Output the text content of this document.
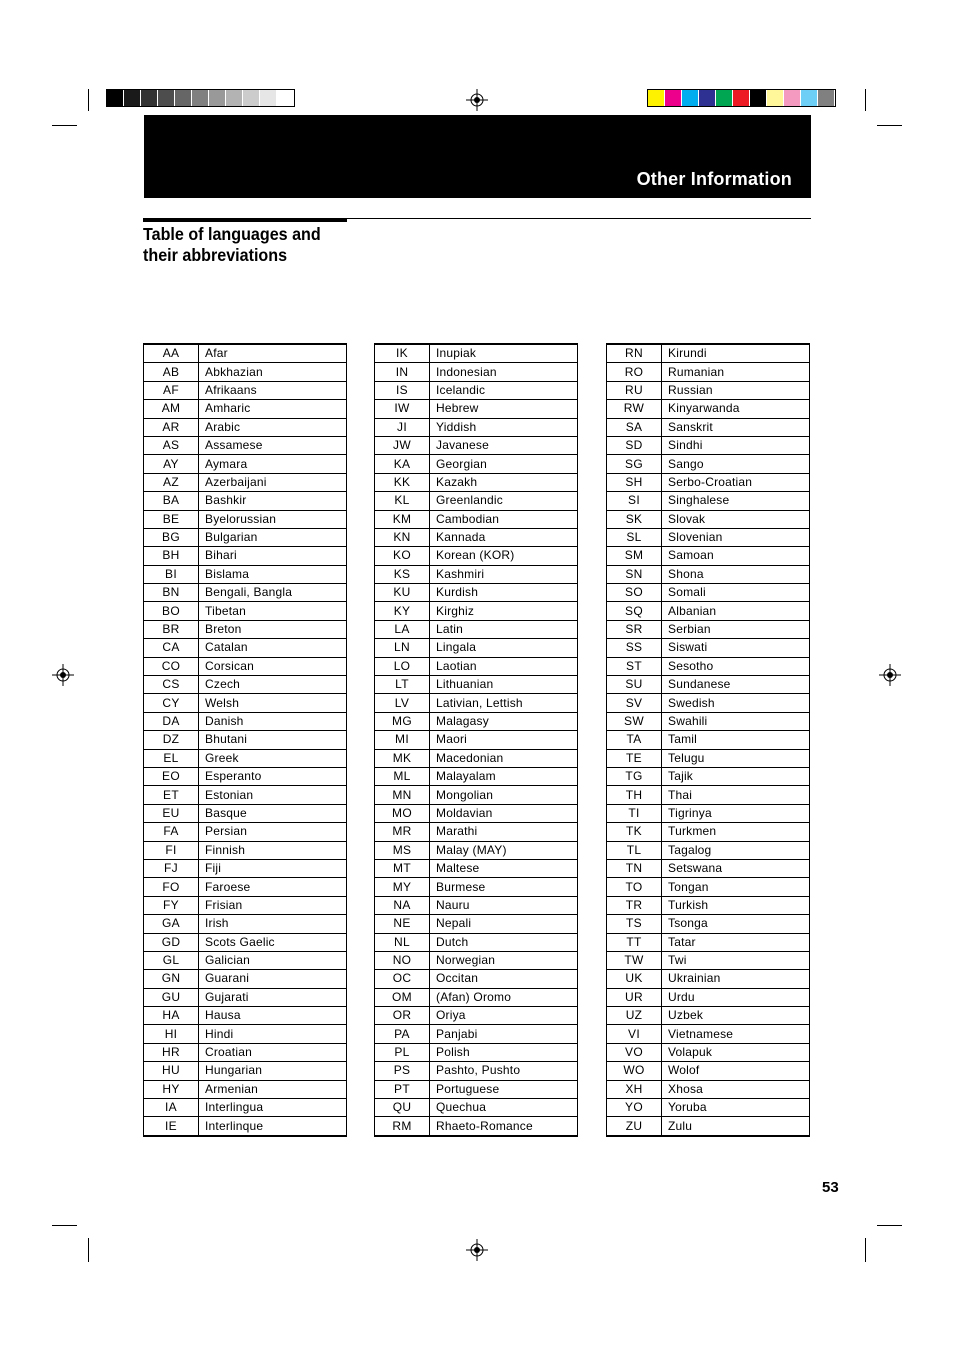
Other Information
Table of languages and
their abbreviations
AA	Afar
AB	Abkhazian
AF	Afrikaans
AM	Amharic
AR	Arabic
AS	Assamese
AY	Aymara
AZ	Azerbaijani
BA	Bashkir
BE	Byelorussian
BG	Bulgarian
BH	Bihari
BI	Bislama
BN	Bengali, Bangla
BO	Tibetan
BR	Breton
CA	Catalan
CO	Corsican
CS	Czech
CY	Welsh
DA	Danish
DZ	Bhutani
EL	Greek
EO	Esperanto
ET	Estonian
EU	Basque
FA	Persian
FI	Finnish
FJ	Fiji
FO	Faroese
FY	Frisian
GA	Irish
GD	Scots Gaelic
GL	Galician
GN	Guarani
GU	Gujarati
HA	Hausa
HI	Hindi
HR	Croatian
HU	Hungarian
HY	Armenian
IA	Interlingua
IE	Interlinque
IK	Inupiak
IN	Indonesian
IS	Icelandic
IW	Hebrew
JI	Yiddish
JW	Javanese
KA	Georgian
KK	Kazakh
KL	Greenlandic
KM	Cambodian
KN	Kannada
KO	Korean (KOR)
KS	Kashmiri
KU	Kurdish
KY	Kirghiz
LA	Latin
LN	Lingala
LO	Laotian
LT	Lithuanian
LV	Lativian, Lettish
MG	Malagasy
MI	Maori
MK	Macedonian
ML	Malayalam
MN	Mongolian
MO	Moldavian
MR	Marathi
MS	Malay (MAY)
MT	Maltese
MY	Burmese
NA	Nauru
NE	Nepali
NL	Dutch
NO	Norwegian
OC	Occitan
OM	(Afan) Oromo
OR	Oriya
PA	Panjabi
PL	Polish
PS	Pashto, Pushto
PT	Portuguese
QU	Quechua
RM	Rhaeto-Romance
RN	Kirundi
RO	Rumanian
RU	Russian
RW	Kinyarwanda
SA	Sanskrit
SD	Sindhi
SG	Sango
SH	Serbo-Croatian
SI	Singhalese
SK	Slovak
SL	Slovenian
SM	Samoan
SN	Shona
SO	Somali
SQ	Albanian
SR	Serbian
SS	Siswati
ST	Sesotho
SU	Sundanese
SV	Swedish
SW	Swahili
TA	Tamil
TE	Telugu
TG	Tajik
TH	Thai
TI	Tigrinya
TK	Turkmen
TL	Tagalog
TN	Setswana
TO	Tongan
TR	Turkish
TS	Tsonga
TT	Tatar
TW	Twi
UK	Ukrainian
UR	Urdu
UZ	Uzbek
VI	Vietnamese
VO	Volapuk
WO	Wolof
XH	Xhosa
YO	Yoruba
ZU	Zulu
53
